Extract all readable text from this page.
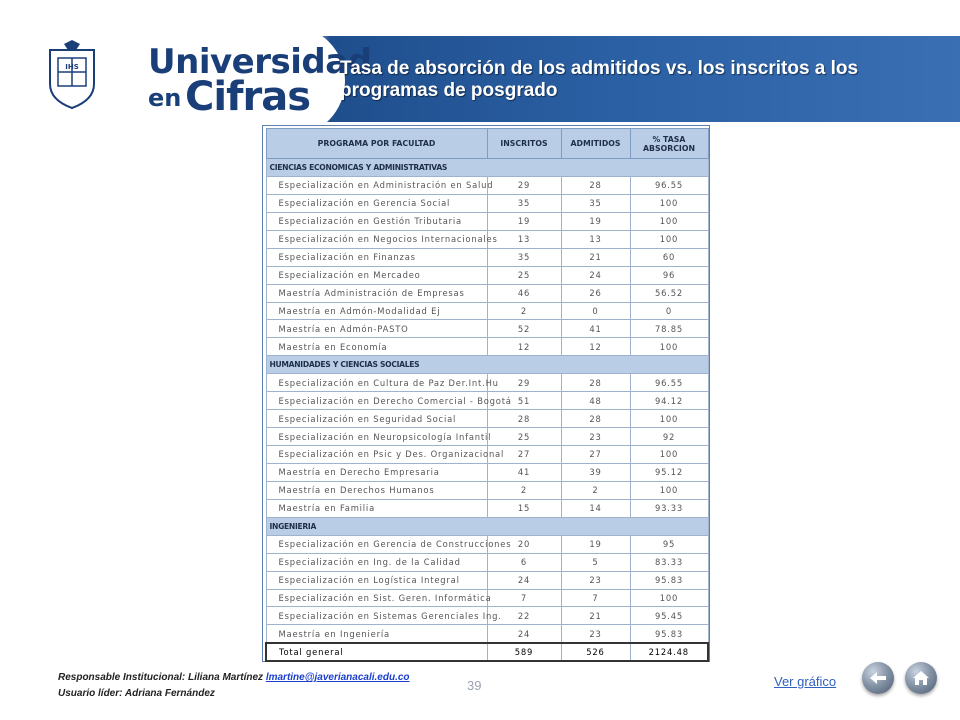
IHS Universidad
en Cifras
Tasa de absorción de los admitidos vs. los inscritos a los programas de posgrado
PROGRAMA POR FACULTAD	INSCRITOS	ADMITIDOS	% TASA ABSORCION
CIENCIAS ECONOMICAS Y ADMINISTRATIVAS			
Especialización en Administración en Salud	29	28	96.55
Especialización en Gerencia Social	35	35	100
Especialización en Gestión Tributaria	19	19	100
Especialización en Negocios Internacionales	13	13	100
Especialización en Finanzas	35	21	60
Especialización en Mercadeo	25	24	96
Maestría Administración de Empresas	46	26	56.52
Maestría en Admón-Modalidad Ej	2	0	0
Maestría en Admón-PASTO	52	41	78.85
Maestría en Economía	12	12	100
HUMANIDADES Y CIENCIAS SOCIALES			
Especialización en Cultura de Paz Der.Int.Hu	29	28	96.55
Especialización en Derecho Comercial - Bogotá	51	48	94.12
Especialización en Seguridad Social	28	28	100
Especialización en Neuropsicología Infantil	25	23	92
Especialización en Psic y Des. Organizacional	27	27	100
Maestría en Derecho Empresaria	41	39	95.12
Maestría en Derechos Humanos	2	2	100
Maestría en Familia	15	14	93.33
INGENIERIA			
Especialización en Gerencia de Construcciones	20	19	95
Especialización en Ing. de la Calidad	6	5	83.33
Especialización en Logística Integral	24	23	95.83
Especialización en Sist. Geren. Informática	7	7	100
Especialización en Sistemas Gerenciales Ing.	22	21	95.45
Maestría en Ingeniería	24	23	95.83
Total general	589	526	2124.48
Responsable Institucional: Liliana Martínez lmartine@javerianacali.edu.co
Usuario líder: Adriana Fernández
39	Ver gráfico
